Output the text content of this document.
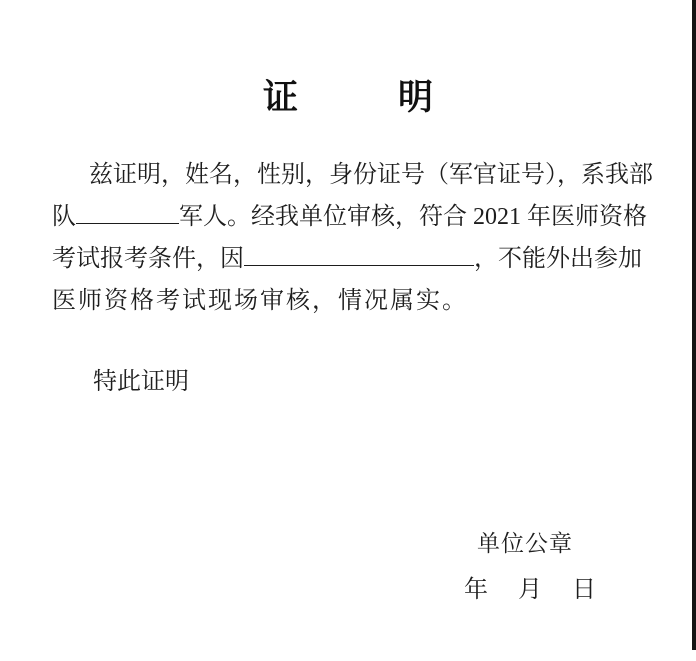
证	明
兹证明，姓名，性别，身份证号（军官证号），系我部
队	军人。经我单位审核，符合 2021 年医师资格
考试报考条件，因	，不能外出参加
医师资格考试现场审核，情况属实。
特此证明
单位公章
年 月 日
